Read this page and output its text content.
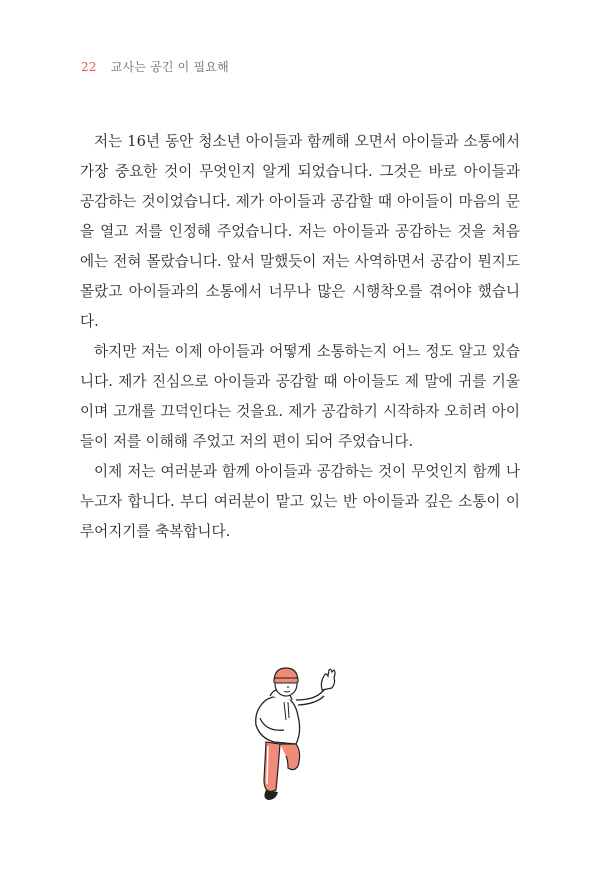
22 교사는 공긴 이 필요해

저는 16년 동안 청소년 아이들과 함께해 오면서 아이들과 소통에서 가장 중요한 것이 무엇인지 알게 되었습니다. 그것은 바로 아이들과 공감하는 것이었습니다. 제가 아이들과 공감할 때 아이들이 마음의 문을 열고 저를 인정해 주었습니다. 저는 아이들과 공감하는 것을 처음에는 전혀 몰랐습니다. 앞서 말했듯이 저는 사역하면서 공감이 뭔지도 몰랐고 아이들과의 소통에서 너무나 많은 시행착오를 겪어야 했습니다.

하지만 저는 이제 아이들과 어떻게 소통하는지 어느 정도 알고 있습니다. 제가 진심으로 아이들과 공감할 때 아이들도 제 말에 귀를 기울이며 고개를 끄덕인다는 것을요. 제가 공감하기 시작하자 오히려 아이들이 저를 이해해 주었고 저의 편이 되어 주었습니다.

이제 저는 여러분과 함께 아이들과 공감하는 것이 무엇인지 함께 나누고자 합니다. 부디 여러분이 맡고 있는 반 아이들과 깊은 소통이 이루어지기를 축복합니다.
